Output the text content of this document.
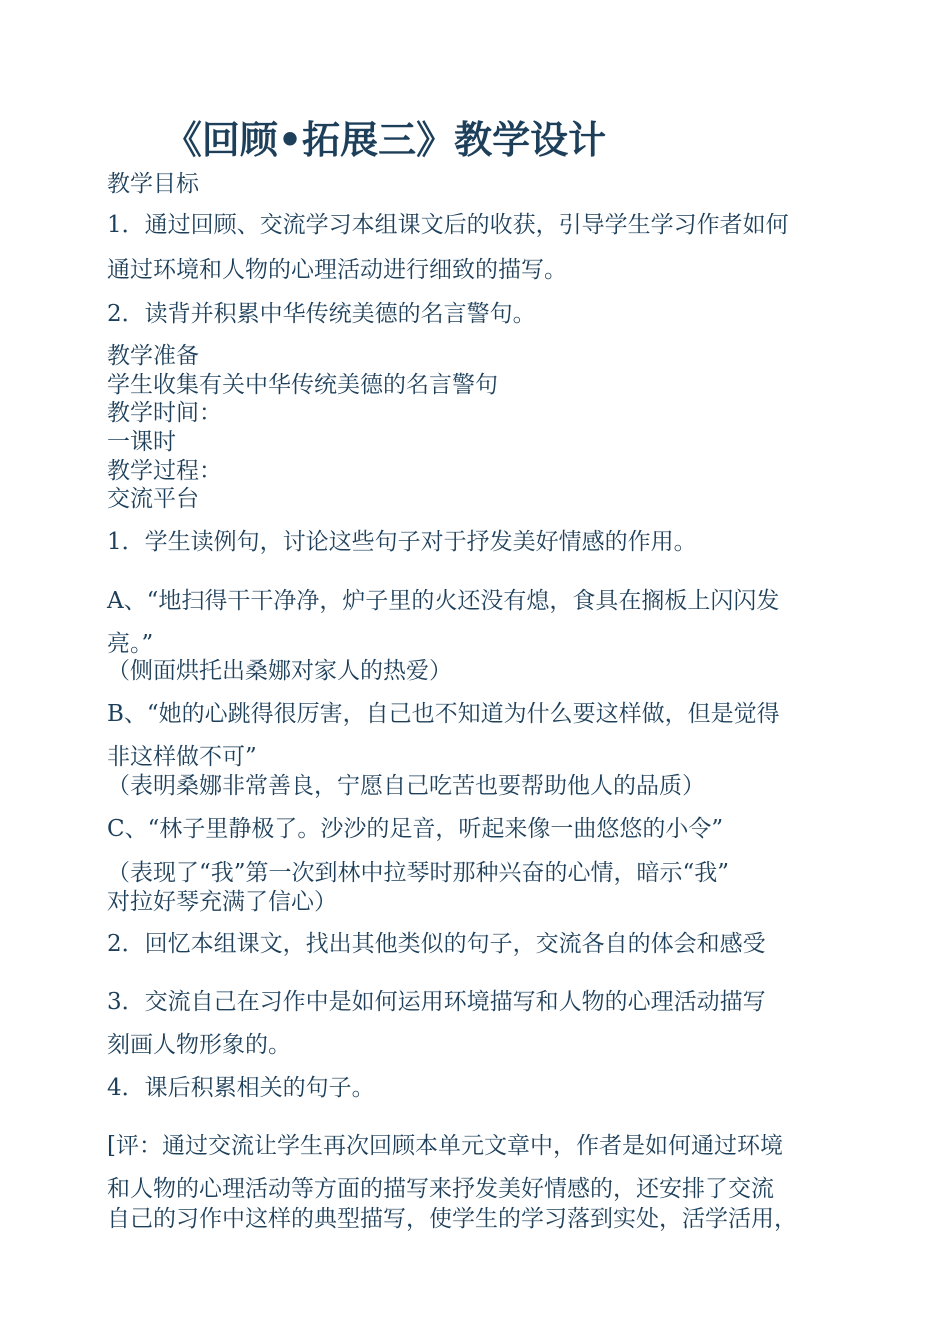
《回顾•拓展三》教学设计
教学目标
1．通过回顾、交流学习本组课文后的收获，引导学生学习作者如何
通过环境和人物的心理活动进行细致的描写。
2．读背并积累中华传统美德的名言警句。
教学准备
学生收集有关中华传统美德的名言警句
教学时间：
一课时
教学过程：
交流平台
1．学生读例句，讨论这些句子对于抒发美好情感的作用。
A、“地扫得干干净净，炉子里的火还没有熄，食具在搁板上闪闪发
亮。”
（侧面烘托出桑娜对家人的热爱）
B、“她的心跳得很厉害，自己也不知道为什么要这样做，但是觉得
非这样做不可”
（表明桑娜非常善良，宁愿自己吃苦也要帮助他人的品质）
C、“林子里静极了。沙沙的足音，听起来像一曲悠悠的小令”
（表现了“我”第一次到林中拉琴时那种兴奋的心情，暗示“我”
对拉好琴充满了信心）
2．回忆本组课文，找出其他类似的句子，交流各自的体会和感受
3．交流自己在习作中是如何运用环境描写和人物的心理活动描写
刻画人物形象的。
4．课后积累相关的句子。
[评：通过交流让学生再次回顾本单元文章中，作者是如何通过环境
和人物的心理活动等方面的描写来抒发美好情感的，还安排了交流
自己的习作中这样的典型描写，使学生的学习落到实处，活学活用，
